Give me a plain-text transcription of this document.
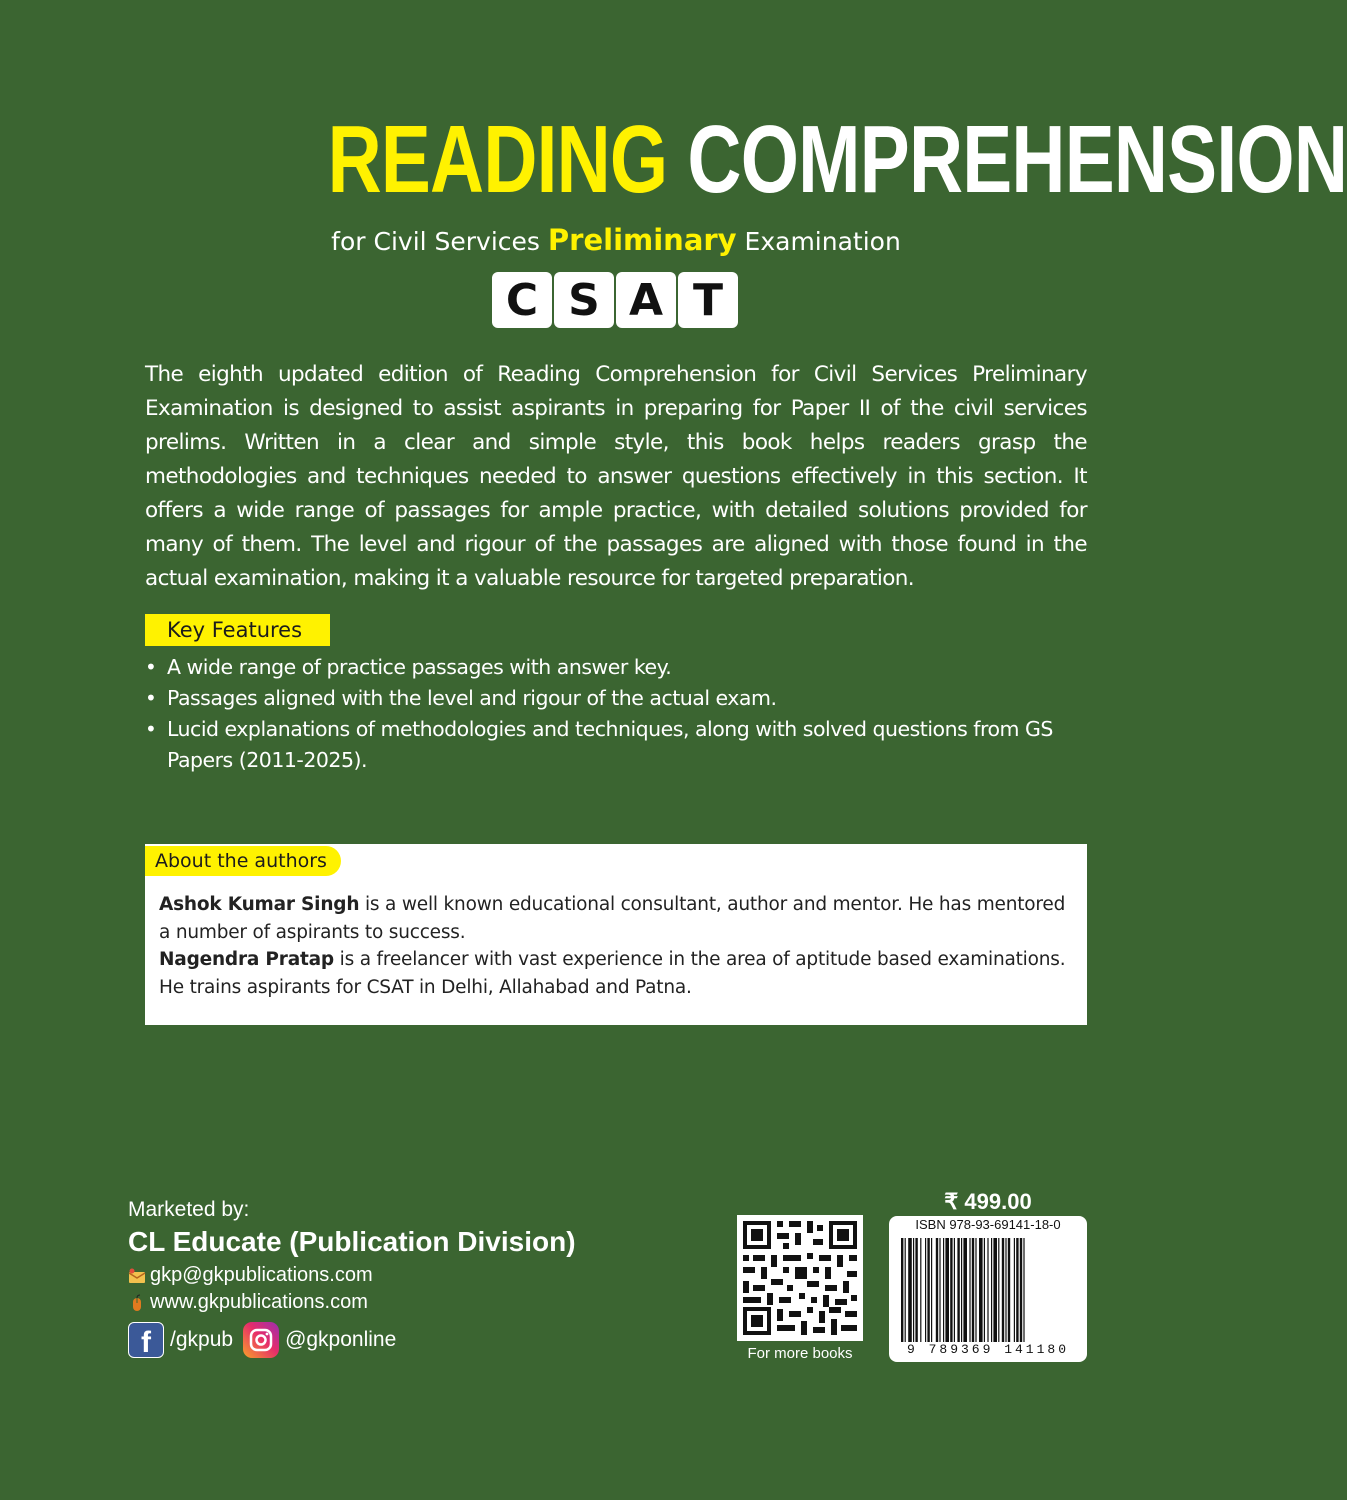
READING COMPREHENSION
for Civil Services Preliminary Examination
C S A T

The eighth updated edition of Reading Comprehension for Civil Services Preliminary Examination is designed to assist aspirants in preparing for Paper II of the civil services prelims. Written in a clear and simple style, this book helps readers grasp the methodologies and techniques needed to answer questions effectively in this section. It offers a wide range of passages for ample practice, with detailed solutions provided for many of them. The level and rigour of the passages are aligned with those found in the actual examination, making it a valuable resource for targeted preparation.

Key Features
• A wide range of practice passages with answer key.
• Passages aligned with the level and rigour of the actual exam.
• Lucid explanations of methodologies and techniques, along with solved questions from GS Papers (2011-2025).
About the authors

Ashok Kumar Singh is a well known educational consultant, author and mentor. He has mentored a number of aspirants to success.

Nagendra Pratap is a freelancer with vast experience in the area of aptitude based examinations. He trains aspirants for CSAT in Delhi, Allahabad and Patna.

Marketed by:
CL Educate (Publication Division)
gkp@gkpublications.com
www.gkpublications.com
f /gkpub @gkponline
For more books
₹ 499.00
ISBN 978-93-69141-18-0
9 789369 141180
